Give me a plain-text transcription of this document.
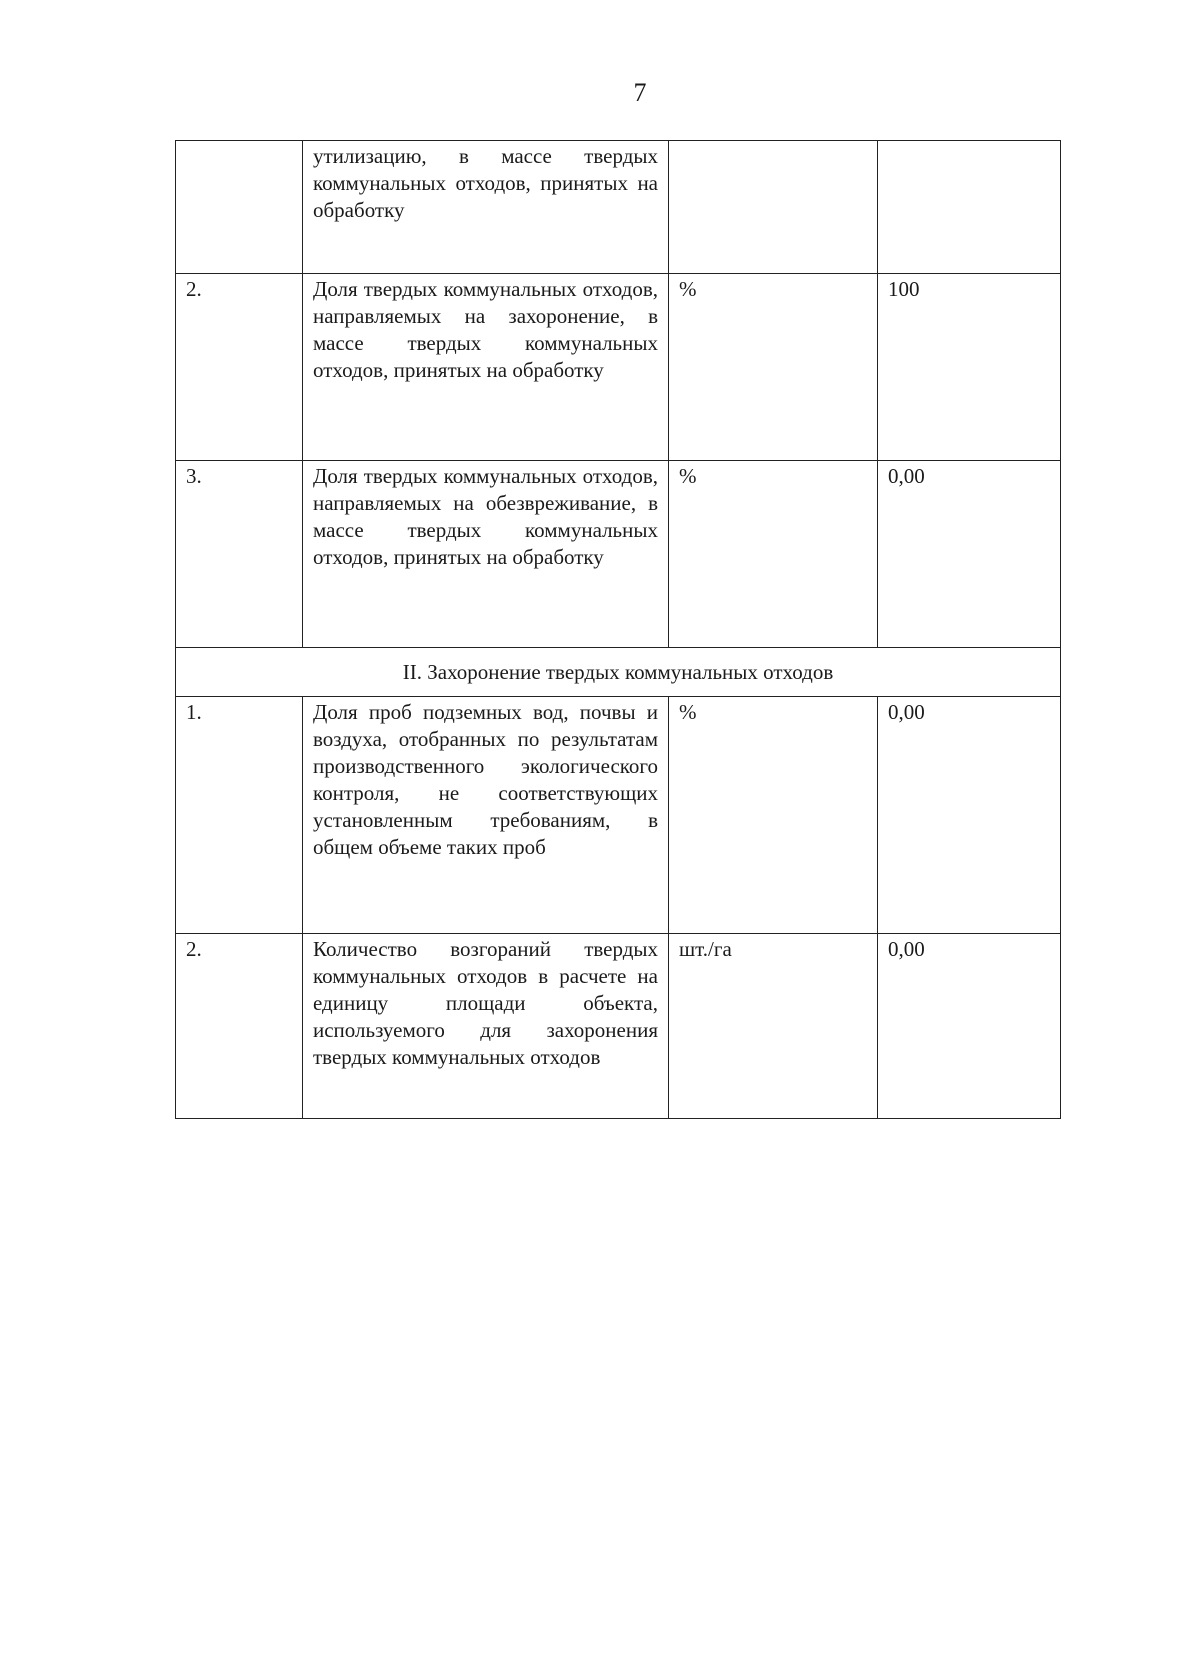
7
	утилизацию, в массе твердых коммунальных отходов, принятых на обработку		
2.	Доля твердых коммунальных отходов, направляемых на захоронение, в массе твердых коммунальных отходов, принятых на обработку	%	100
3.	Доля твердых коммунальных отходов, направляемых на обезвреживание, в массе твердых коммунальных отходов, принятых на обработку	%	0,00
II. Захоронение твердых коммунальных отходов			
1.	Доля проб подземных вод, почвы и воздуха, отобранных по результатам производственного экологического контроля, не соответствующих установленным требованиям, в общем объеме таких проб	%	0,00
2.	Количество возгораний твердых коммунальных отходов в расчете на единицу площади объекта, используемого для захоронения твердых коммунальных отходов	шт./га	0,00
